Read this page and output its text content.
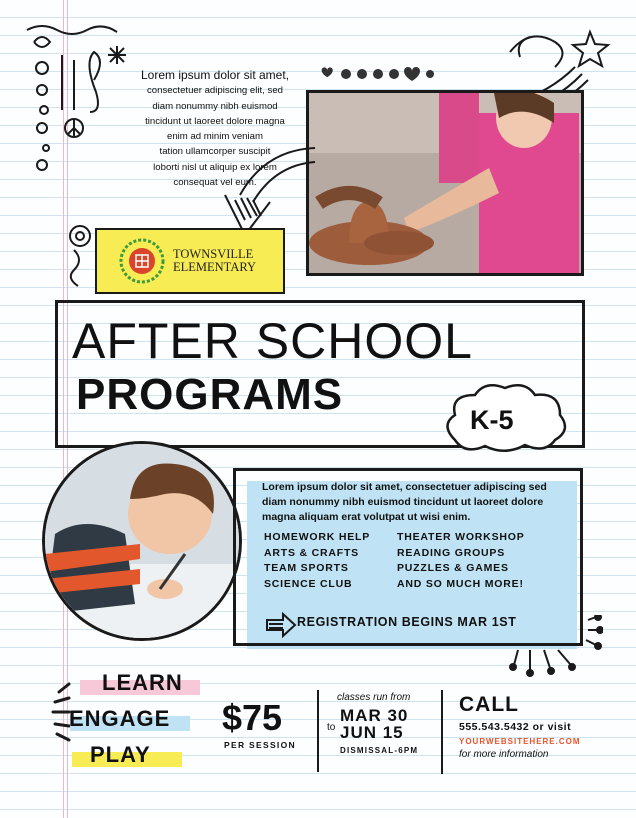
Lorem ipsum dolor sit amet,
consectetuer adipiscing elit, sed
diam nonummy nibh euismod
tincidunt ut laoreet dolore magna
enim ad minim veniam
tation ullamcorper suscipit
loborti nisl ut aliquip ex lorem
consequat vel eum.
TOWNSVILLE
ELEMENTARY
AFTER SCHOOL
PROGRAMS
K-5
Lorem ipsum dolor sit amet, consectetuer adipiscing sed diam nonummy nibh euismod tincidunt ut laoreet dolore magna aliquam erat volutpat ut wisi enim.
HOMEWORK HELP
ARTS & CRAFTS
TEAM SPORTS
SCIENCE CLUB
THEATER WORKSHOP
READING GROUPS
PUZZLES & GAMES
AND SO MUCH MORE!
REGISTRATION BEGINS MAR 1ST
LEARN
ENGAGE
PLAY
$75
PER SESSION
classes run from
to
MAR 30
JUN 15
DISMISSAL-6PM
CALL
555.543.5432 or visit
YOURWEBSITEHERE.COM
for more information
